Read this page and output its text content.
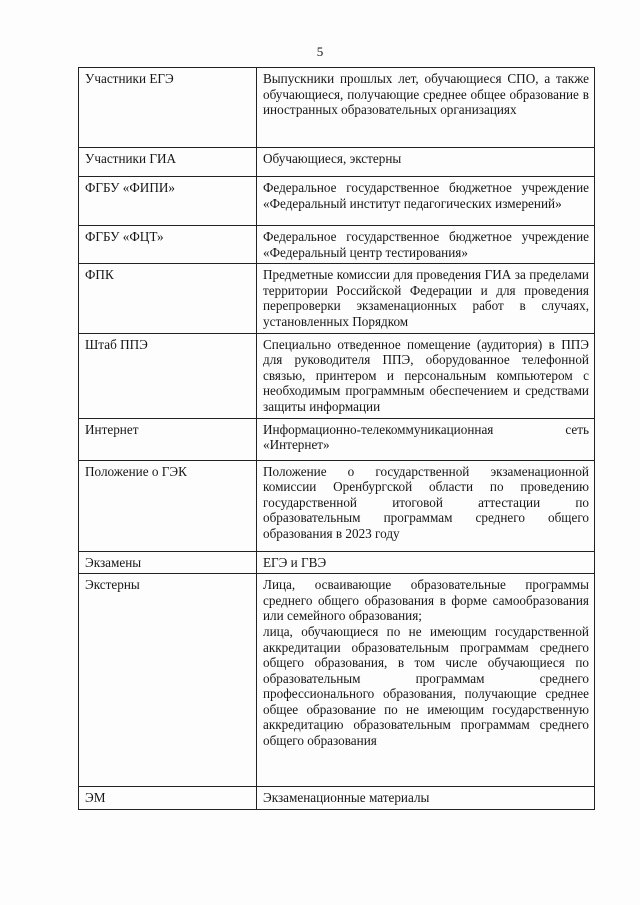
5
Участники ЕГЭ	Выпускники прошлых лет, обучающиеся СПО, а также обучающиеся, получающие среднее общее образование в иностранных образовательных организациях

Участники ГИА	Обучающиеся, экстерны

ФГБУ «ФИПИ»	Федеральное государственное бюджетное учреждение «Федеральный институт педагогических измерений»

ФГБУ «ФЦТ»	Федеральное государственное бюджетное учреждение «Федеральный центр тестирования»

ФПК	Предметные комиссии для проведения ГИА за пределами территории Российской Федерации и для проведения перепроверки экзаменационных работ в случаях, установленных Порядком

Штаб ППЭ	Специально отведенное помещение (аудитория) в ППЭ для руководителя ППЭ, оборудованное телефонной связью, принтером и персональным компьютером с необходимым программным обеспечением и средствами защиты информации

Интернет	Информационно-телекоммуникационная сеть «Интернет»

Положение о ГЭК	Положение о государственной экзаменационной комиссии Оренбургской области по проведению государственной итоговой аттестации по образовательным программам среднего общего образования в 2023 году

Экзамены	ЕГЭ и ГВЭ

Экстерны	Лица, осваивающие образовательные программы среднего общего образования в форме самообразования или семейного образования;
лица, обучающиеся по не имеющим государственной аккредитации образовательным программам среднего общего образования, в том числе обучающиеся по образовательным программам среднего профессионального образования, получающие среднее общее образование по не имеющим государственную аккредитацию образовательным программам среднего общего образования

ЭМ	Экзаменационные материалы
